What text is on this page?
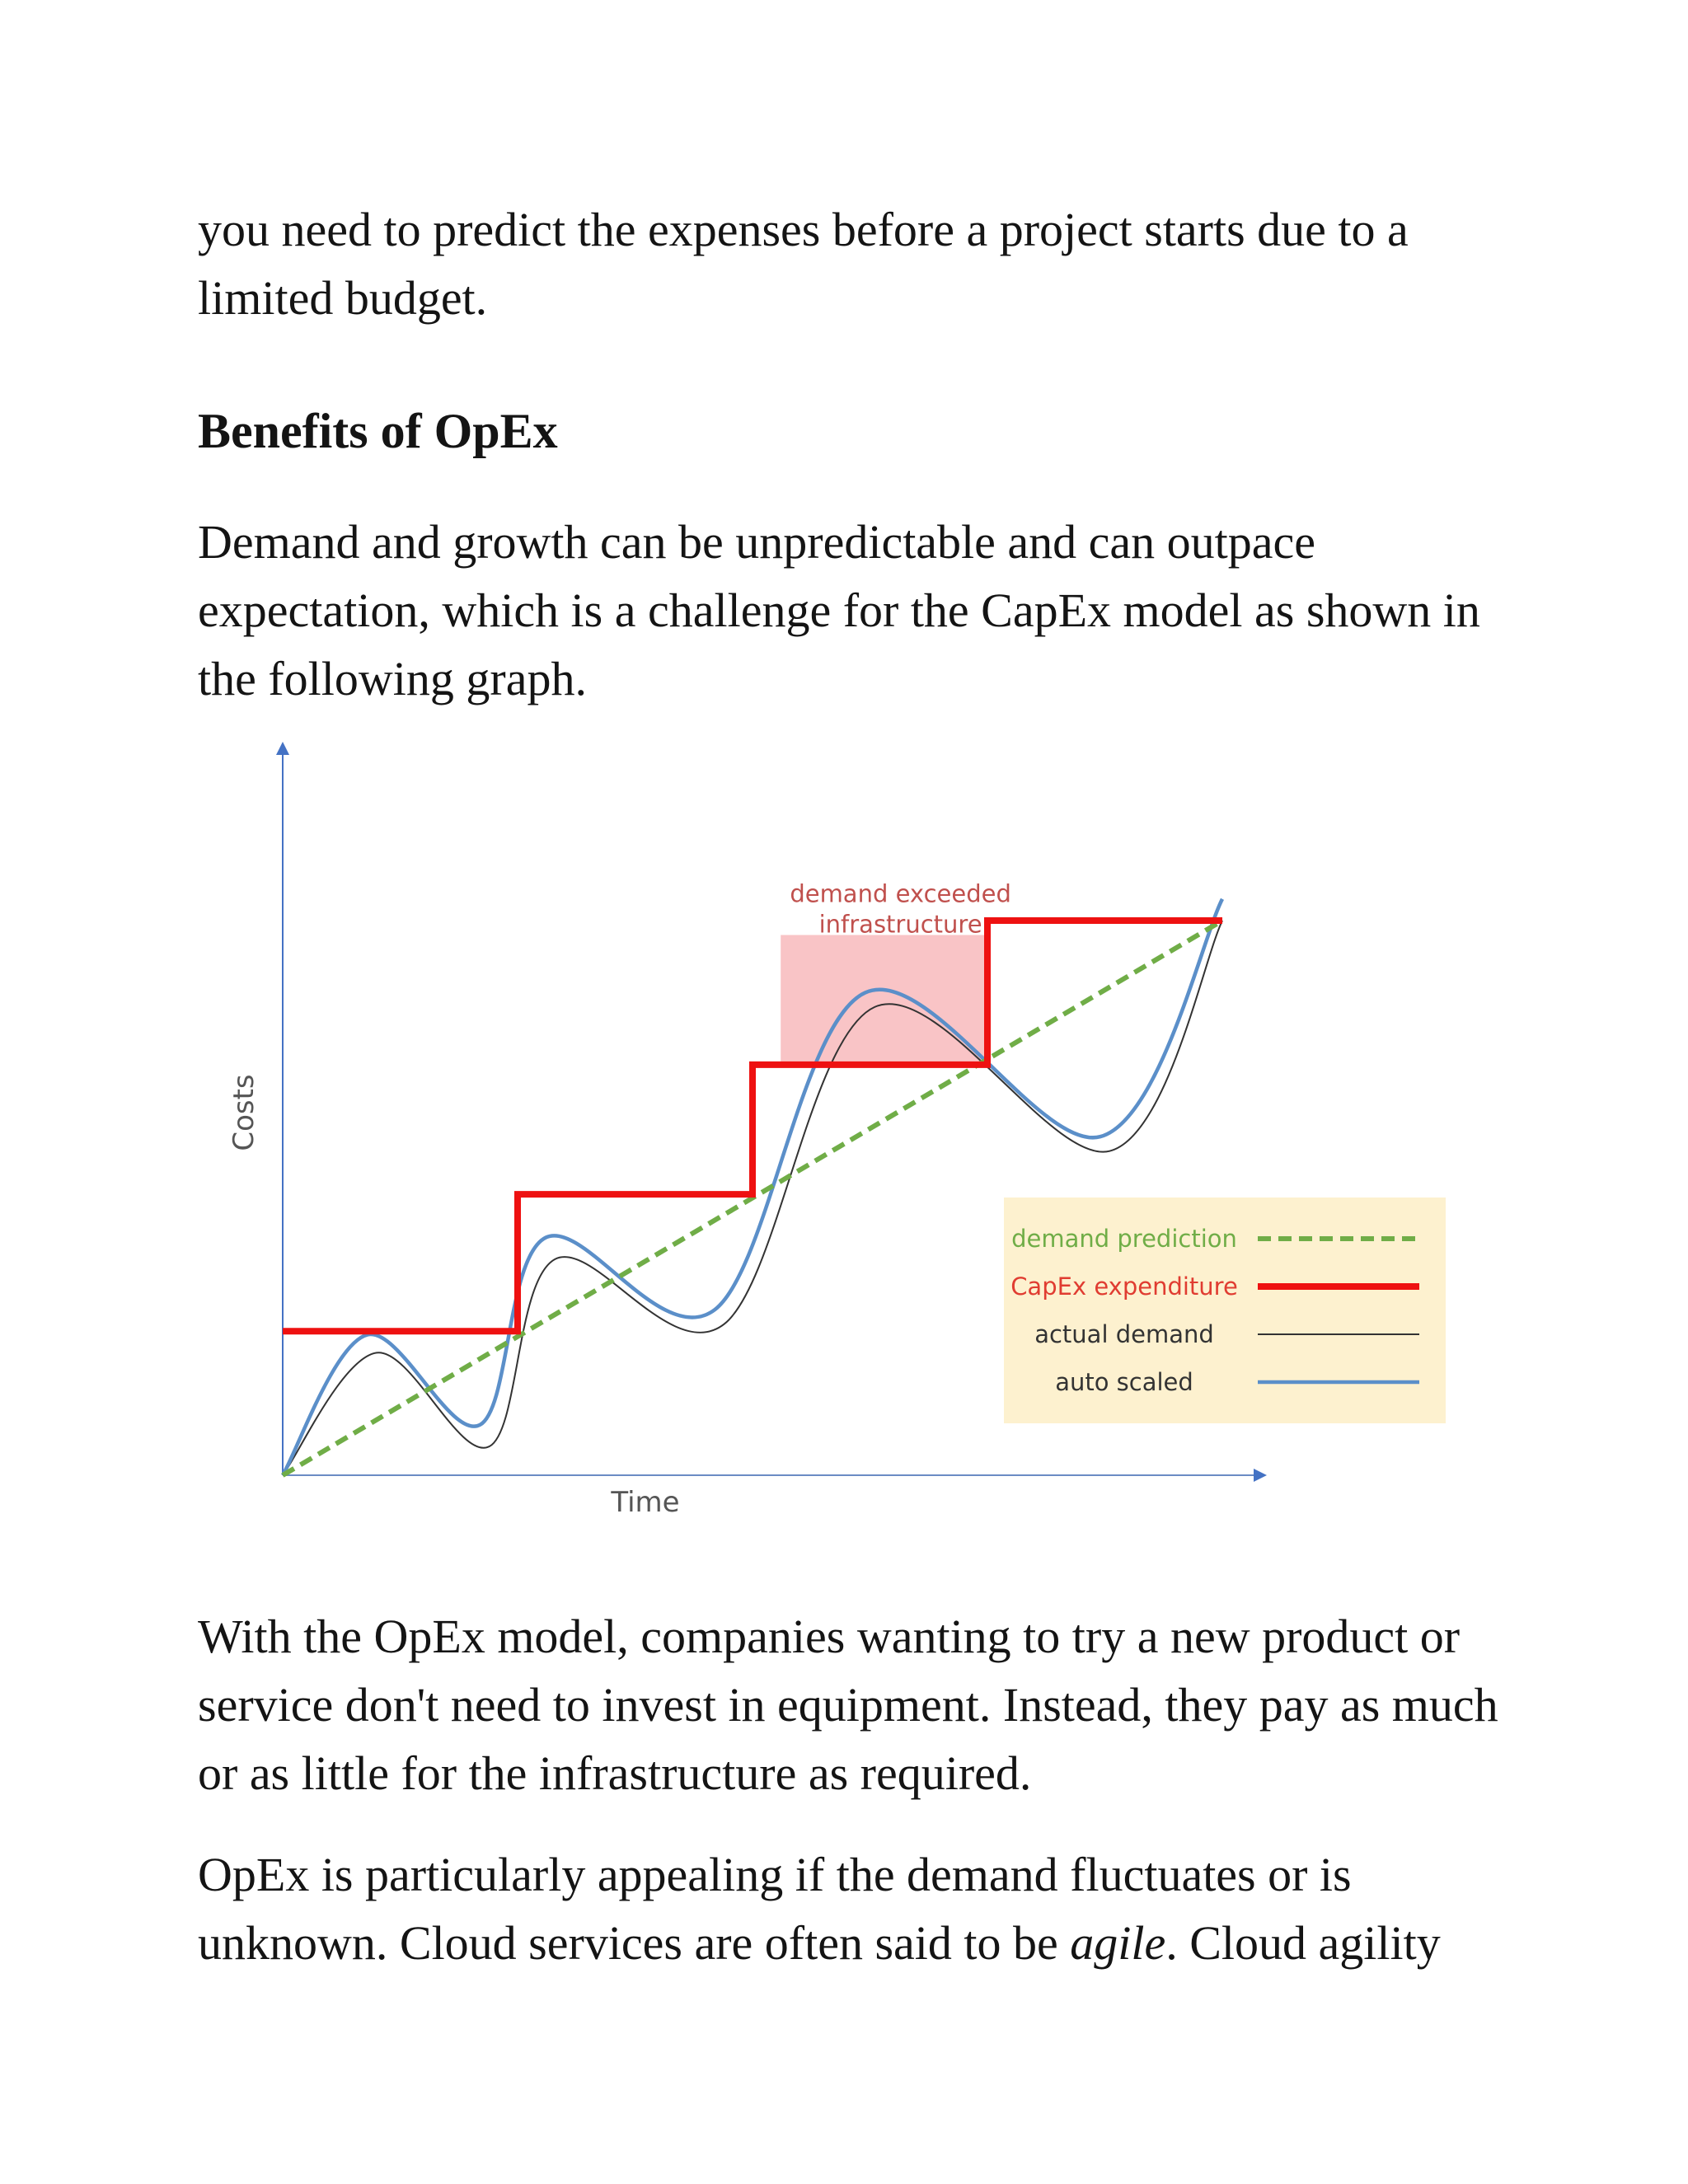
you need to predict the expenses before a project starts due to a limited budget.

Benefits of OpEx

Demand and growth can be unpredictable and can outpace expectation, which is a challenge for the CapEx model as shown in the following graph.

demand exceeded
infrastructure
Time
Costs
demand prediction
CapEx expenditure
actual demand
auto scaled

With the OpEx model, companies wanting to try a new product or service don't need to invest in equipment. Instead, they pay as much or as little for the infrastructure as required.

OpEx is particularly appealing if the demand fluctuates or is unknown. Cloud services are often said to be agile. Cloud agility
